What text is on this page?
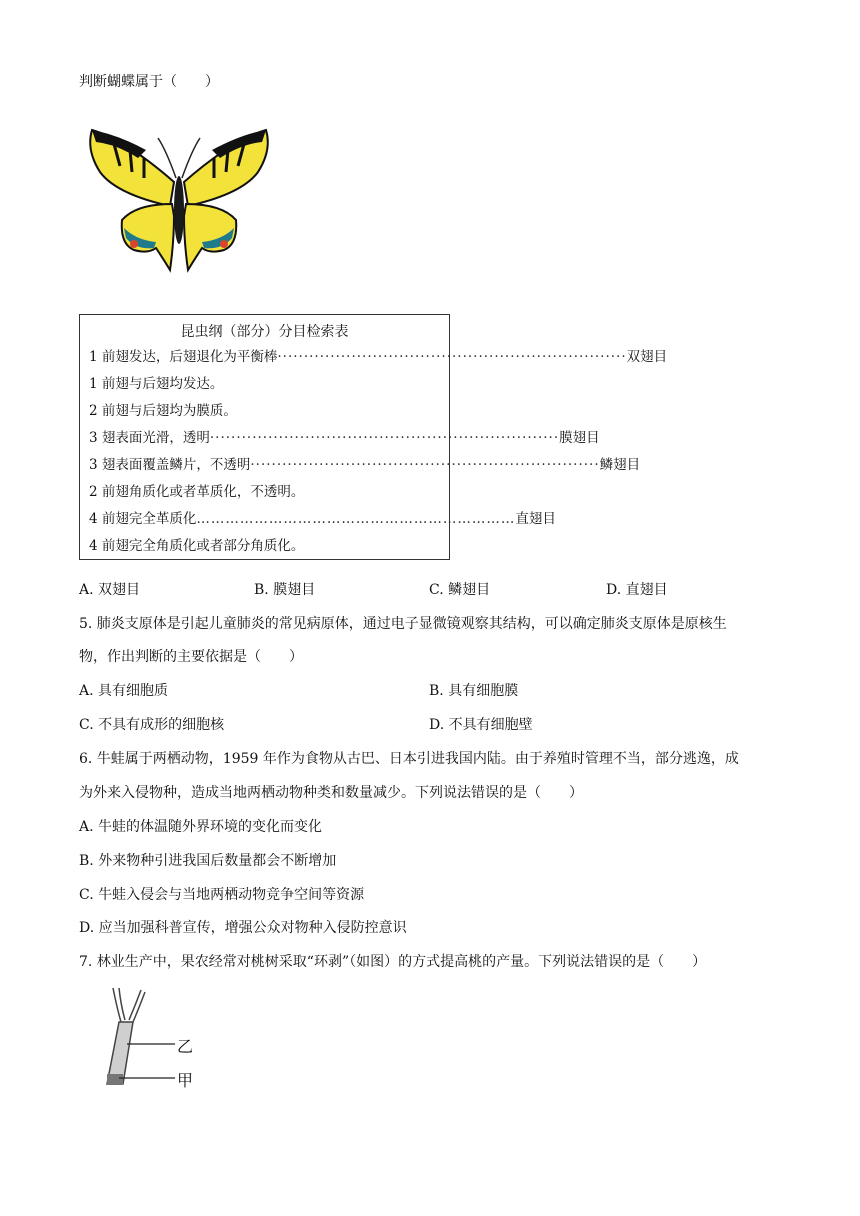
判断蝴蝶属于（　　）
昆虫纲（部分）分目检索表
1 前翅发达，后翅退化为平衡棒 ·································································· 双翅目
1 前翅与后翅均发达。
2 前翅与后翅均为膜质。
3 翅表面光滑，透明 ·································································· 膜翅目
3 翅表面覆盖鳞片，不透明 ·································································· 鳞翅目
2 前翅角质化或者革质化，不透明。
4 前翅完全革质化 ………………………………………………………… 直翅目
4 前翅完全角质化或者部分角质化。
A. 双翅目	B. 膜翅目	C. 鳞翅目	D. 直翅目
5. 肺炎支原体是引起儿童肺炎的常见病原体，通过电子显微镜观察其结构，可以确定肺炎支原体是原核生
物，作出判断的主要依据是（　　）
A. 具有细胞质	B. 具有细胞膜
C. 不具有成形的细胞核	D. 不具有细胞壁
6. 牛蛙属于两栖动物，1959 年作为食物从古巴、日本引进我国内陆。由于养殖时管理不当，部分逃逸，成
为外来入侵物种，造成当地两栖动物种类和数量减少。下列说法错误的是（　　）
A. 牛蛙的体温随外界环境的变化而变化
B. 外来物种引进我国后数量都会不断增加
C. 牛蛙入侵会与当地两栖动物竞争空间等资源
D. 应当加强科普宣传，增强公众对物种入侵防控意识
7. 林业生产中，果农经常对桃树采取“环剥”（如图）的方式提高桃的产量。下列说法错误的是（　　）
乙
甲
